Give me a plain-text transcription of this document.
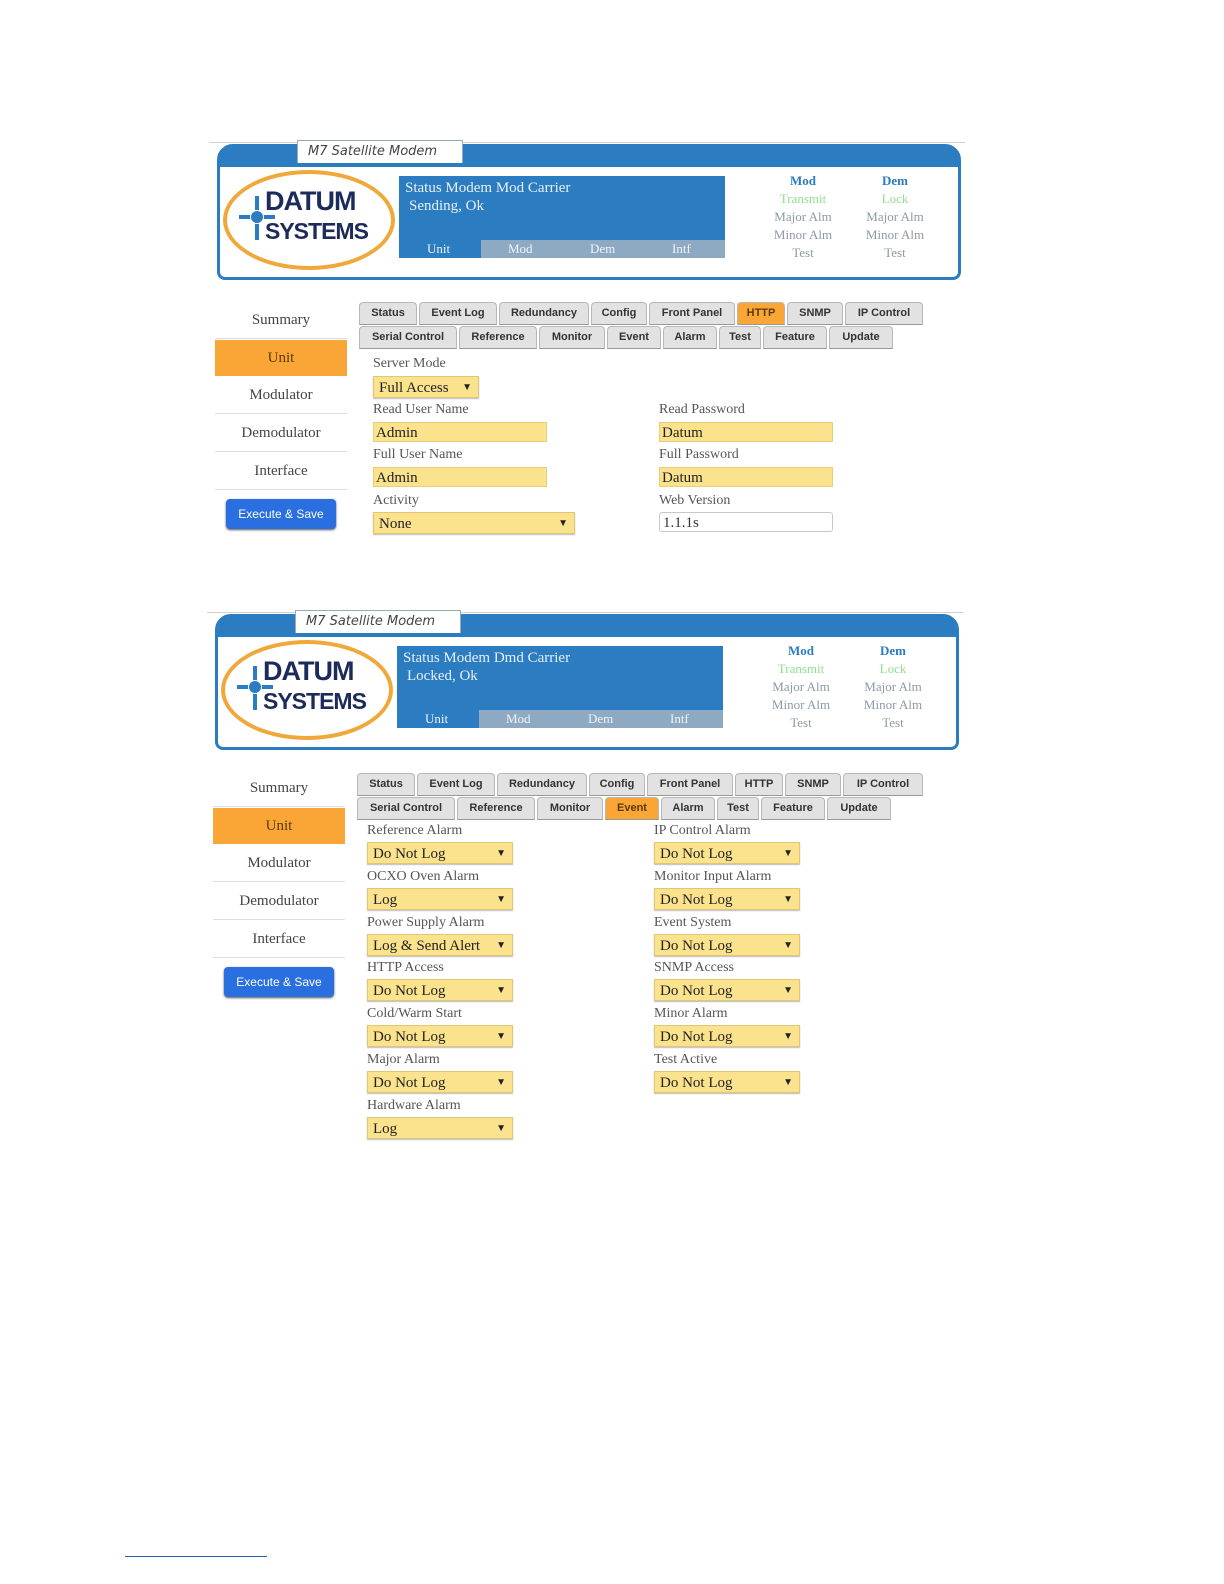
M7 Satellite Modem
DATUM
SYSTEMS
Status Modem Mod Carrier
Sending, Ok
Unit	Mod	Dem	Intf
Mod
Transmit
Major Alm
Minor Alm
Test
Dem
Lock
Major Alm
Minor Alm
Test
Summary
Unit
Modulator
Demodulator
Interface
Execute & Save
Status	Event Log	Redundancy	Config	Front Panel	HTTP	SNMP	IP Control
Serial Control	Reference	Monitor	Event	Alarm	Test	Feature	Update
Server Mode
Full Access ▼
Read User Name
Admin
Read Password
Datum
Full User Name
Admin
Full Password
Datum
Activity
None	▼
Web Version
1.1.1s
M7 Satellite Modem
DATUM
SYSTEMS
Status Modem Dmd Carrier
Locked, Ok
Unit	Mod	Dem	Intf
Mod
Transmit
Major Alm
Minor Alm
Test
Dem
Lock
Major Alm
Minor Alm
Test
Summary
Unit
Modulator
Demodulator
Interface
Execute & Save
Status	Event Log	Redundancy	Config	Front Panel	HTTP	SNMP	IP Control
Serial Control	Reference	Monitor	Event	Alarm	Test	Feature	Update
Reference Alarm
Do Not Log	▼
OCXO Oven Alarm
Log	▼
Power Supply Alarm
Log & Send Alert ▼
HTTP Access
Do Not Log	▼
Cold/Warm Start
Do Not Log	▼
Major Alarm
Do Not Log	▼
Hardware Alarm
Log	▼
IP Control Alarm
Do Not Log	▼
Monitor Input Alarm
Do Not Log	▼
Event System
Do Not Log	▼
SNMP Access
Do Not Log	▼
Minor Alarm
Do Not Log	▼
Test Active
Do Not Log	▼
